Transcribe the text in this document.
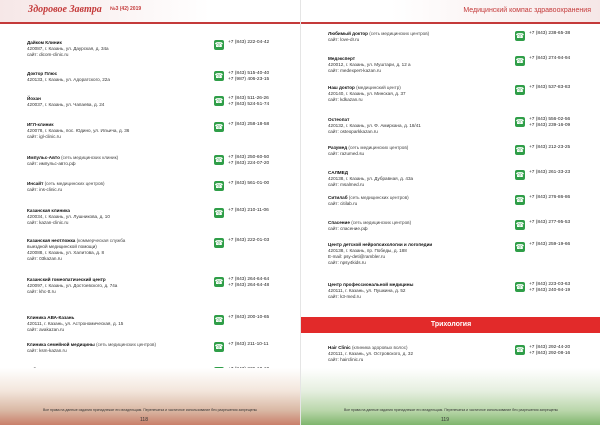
Здоровое Завтра №3 (42) 2019
Дайком Клиник
420087, г. Казань, ул. Даурская, д. 34а
сайт: dicom-clinic.ru
☎
+7 (843) 222-04-42
Доктор Плюс
420133, г. Казань, ул. Адоратского, 22а
☎
+7 (843) 515-40-40
+7 (987) 406-23-15
Йохан
420037, г. Казань, ул. Чапаева, д. 24
☎
+7 (843) 511-26-26
+7 (843) 524-51-74
ИГЛ-клиник
420078, г. Казань, пос. Юдино, ул. Ильича, д. 36
сайт: igl-clinic.ru
☎
+7 (843) 258-18-58
Импульс-Авто (сеть медицинских клиник)
сайт: импульс-авто.рф
☎
+7 (843) 250-60-50
+7 (843) 224-07-20
Инсайт (сеть медицинских центров)
сайт: ins-clinic.ru
☎
+7 (843) 561-01-00
Казанская клиника
420034, г. Казань, ул. Лушникова, д. 10
сайт: kazan-clinic.ru
☎
+7 (843) 210-11-06
Казанская неотложка (коммерческая служба
выездной медицинской помощи)
420088, г. Казань, ул. Халитова, д. 8
сайт: 03kazan.ru
☎
+7 (843) 222-01-03
Казанский гомеопатический центр
420097, г. Казань, ул. Достоевского, д. 74а
сайт: khc-tt.ru
☎
+7 (843) 264-64-64
+7 (843) 264-64-48
Клиника АВА-Казань
420111, г. Казань, ул. Астрономическая, д. 15
сайт: avakazan.ru
☎
+7 (843) 200-10-65
Клиника семейной медицины (сеть медицинских центров)
сайт: ksm-kazan.ru
☎
+7 (843) 211-10-11
☎
Все права на данные издания принадлежат его владельцам. Перепечатка и частичное использование без разрешения запрещены
118
Медицинский компас здравоохранения
Любимый доктор (сеть медицинских центров)
сайт: love-dr.ru
☎
+7 (843) 238-65-38
Медэксперт
420012, г. Казань, ул. Муштари, д. 12 а
сайт: medexpert-kazan.ru
☎
+7 (843) 274-94-94
Наш доктор (медицинский центр)
420140, г. Казань, ул. Минская, д. 37
сайт: kdkazan.ru
☎
+7 (843) 537-83-83
Остеопат
420132, г. Казань, ул. Ф. Амирхана, д. 18/41
сайт: osteoparkkazan.ru
☎
+7 (843) 556-02-56
+7 (843) 239-16-09
Разумед (сеть медицинских центров)
сайт: razumed.su
☎
+7 (843) 212-23-25
САЛМЕД
420138, г. Казань, ул. Дубравная, д. 43а
сайт: msalmed.ru
☎
+7 (843) 261-33-23
Ситилаб (сеть медицинских центров)
сайт: citilab.ru
☎
+7 (843) 276-86-86
Спасение (сеть медицинских центров)
сайт: спасение.рф
☎
+7 (843) 277-95-53
Центр детской нейропсихологии и логопедии
420138, г. Казань, пр. Победы, д. 188
E-mail: psy-deti@rambler.ru
сайт: npsy4kids.ru
☎
+7 (843) 259-19-66
Центр профессиональной медицины
420111, г. Казань, ул. Пушкина, д. 52
сайт: k3-med.ru
☎
+7 (843) 223-03-63
+7 (843) 240-94-19
Hair Clinic (клиника здоровых волос)
420111, г. Казань, ул. Островского, д. 32
сайт: hairclinic.ru
☎
+7 (843) 292-44-20
+7 (843) 292-08-16
☎
Трихология
Все права на данные издания принадлежат его владельцам. Перепечатка и частичное использование без разрешения запрещены
119
